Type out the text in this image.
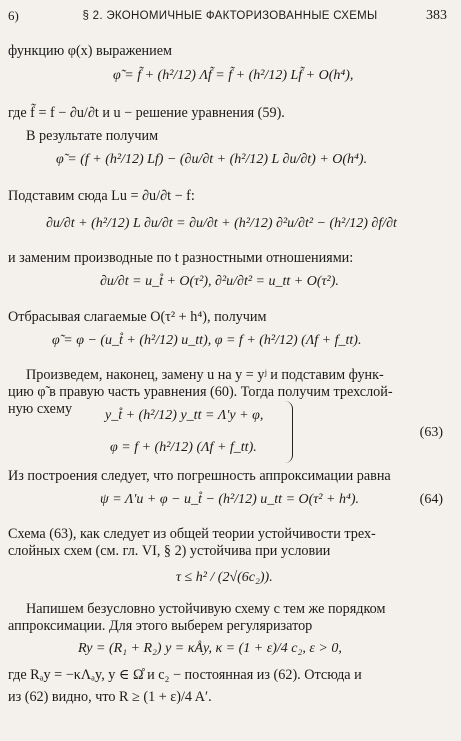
6)	§ 2. ЭКОНОМИЧНЫЕ ФАКТОРИЗОВАННЫЕ СХЕМЫ	383
функцию φ(x) выражением
φ̃ = f̃ + (h²/12) Λf̃ = f̃ + (h²/12) Lf̃ + O(h⁴),
где f̃ = f − ∂u/∂t и u − решение уравнения (59).
В результате получим
φ̃ = (f + (h²/12) Lf) − (∂u/∂t + (h²/12) L ∂u/∂t) + O(h⁴).
Подставим сюда Lu = ∂u/∂t − f:
∂u/∂t + (h²/12) L ∂u/∂t = ∂u/∂t + (h²/12) ∂²u/∂t² − (h²/12) ∂f/∂t
и заменим производные по t разностными отношениями:
∂u/∂t = u_t̊ + O(τ²), ∂²u/∂t² = u_tt + O(τ²).
Отбрасывая слагаемые O(τ² + h⁴), получим
φ̃ = φ − (u_t̊ + (h²/12) u_tt), φ = f + (h²/12) (Λf + f_tt).
Произведем, наконец, замену u на y = yʲ и подставим функ-
цию φ̃ в правую часть уравнения (60). Тогда получим трехслой-
ную схему y_t̊ + (h²/12) y_tt = Λ′y + φ,
φ = f + (h²/12) (Λf + f_tt).
(63)
Из построения следует, что погрешность аппроксимации равна
ψ = Λ′u + φ − u_t̊ − (h²/12) u_tt = O(τ² + h⁴).	(64)
Схема (63), как следует из общей теории устойчивости трех-
слойных схем (см. гл. VI, § 2) устойчива при условии
τ ≤ h² / (2√(6c₂)).
Напишем безусловно устойчивую схему с тем же порядком
аппроксимации. Для этого выберем регуляризатор
Ry = (R₁ + R₂) y = κÅy, κ = (1 + ε)/4 c₂, ε > 0,
где Rₐy = −κΛₐy, y ∈ Ω̊ и c₂ − постоянная из (62). Отсюда и
из (62) видно, что R ≥ (1 + ε)/4 A′.
